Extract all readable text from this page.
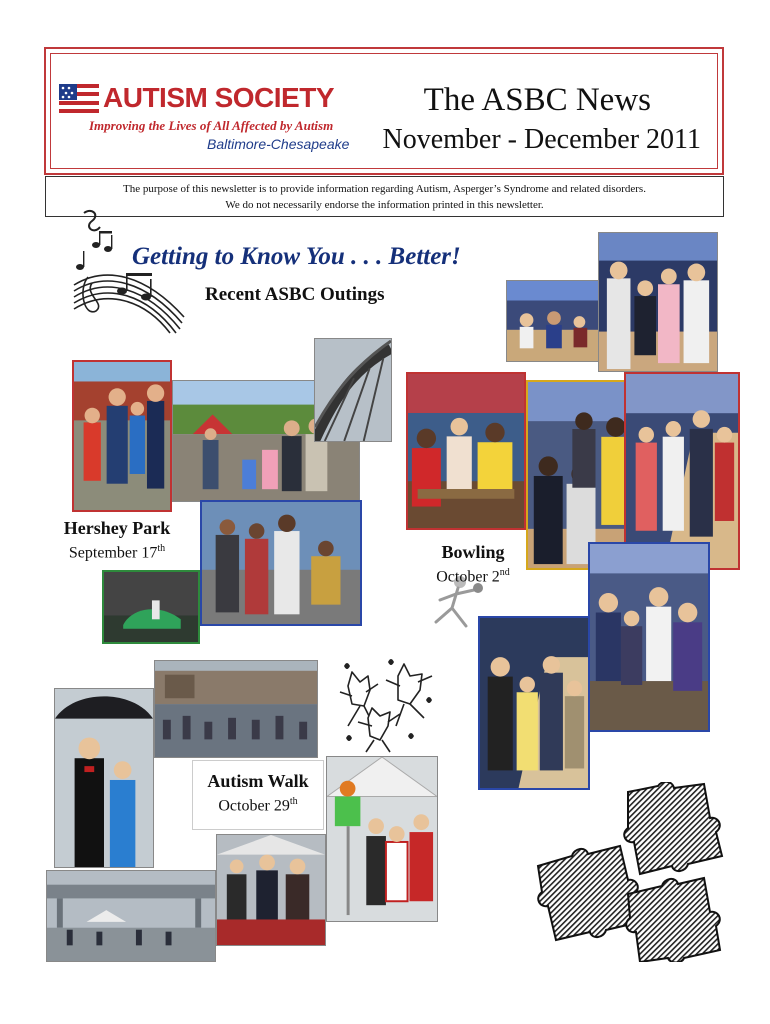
AUTISM SOCIETY
Improving the Lives of All Affected by Autism
Baltimore-Chesapeake
The ASBC News
November - December 2011
The purpose of this newsletter is to provide information regarding Autism, Asperger’s Syndrome and related disorders.
We do not necessarily endorse the information printed in this newsletter.
Getting to Know You . . . Better!
Recent ASBC Outings
Hershey Park
September 17th	Bowling
October 2nd
Autism Walk
October 29th
